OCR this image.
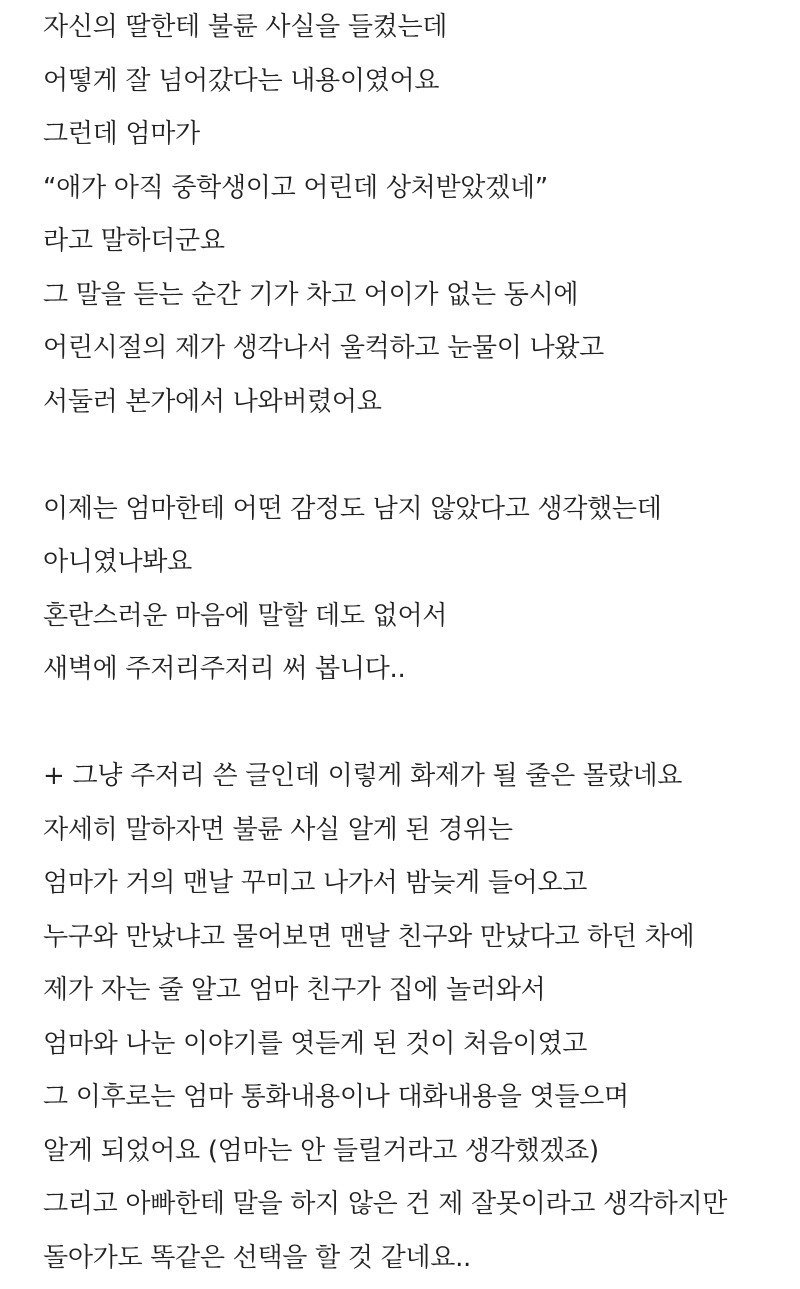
자신의 딸한테 불륜 사실을 들켰는데
어떻게 잘 넘어갔다는 내용이였어요
그런데 엄마가
“애가 아직 중학생이고 어린데 상처받았겠네”
라고 말하더군요
그 말을 듣는 순간 기가 차고 어이가 없는 동시에
어린시절의 제가 생각나서 울컥하고 눈물이 나왔고
서둘러 본가에서 나와버렸어요
이제는 엄마한테 어떤 감정도 남지 않았다고 생각했는데
아니였나봐요
혼란스러운 마음에 말할 데도 없어서
새벽에 주저리주저리 써 봅니다..
+ 그냥 주저리 쓴 글인데 이렇게 화제가 될 줄은 몰랐네요
자세히 말하자면 불륜 사실 알게 된 경위는
엄마가 거의 맨날 꾸미고 나가서 밤늦게 들어오고
누구와 만났냐고 물어보면 맨날 친구와 만났다고 하던 차에
제가 자는 줄 알고 엄마 친구가 집에 놀러와서
엄마와 나눈 이야기를 엿듣게 된 것이 처음이였고
그 이후로는 엄마 통화내용이나 대화내용을 엿들으며
알게 되었어요 (엄마는 안 들릴거라고 생각했겠죠)
그리고 아빠한테 말을 하지 않은 건 제 잘못이라고 생각하지만
돌아가도 똑같은 선택을 할 것 같네요..
